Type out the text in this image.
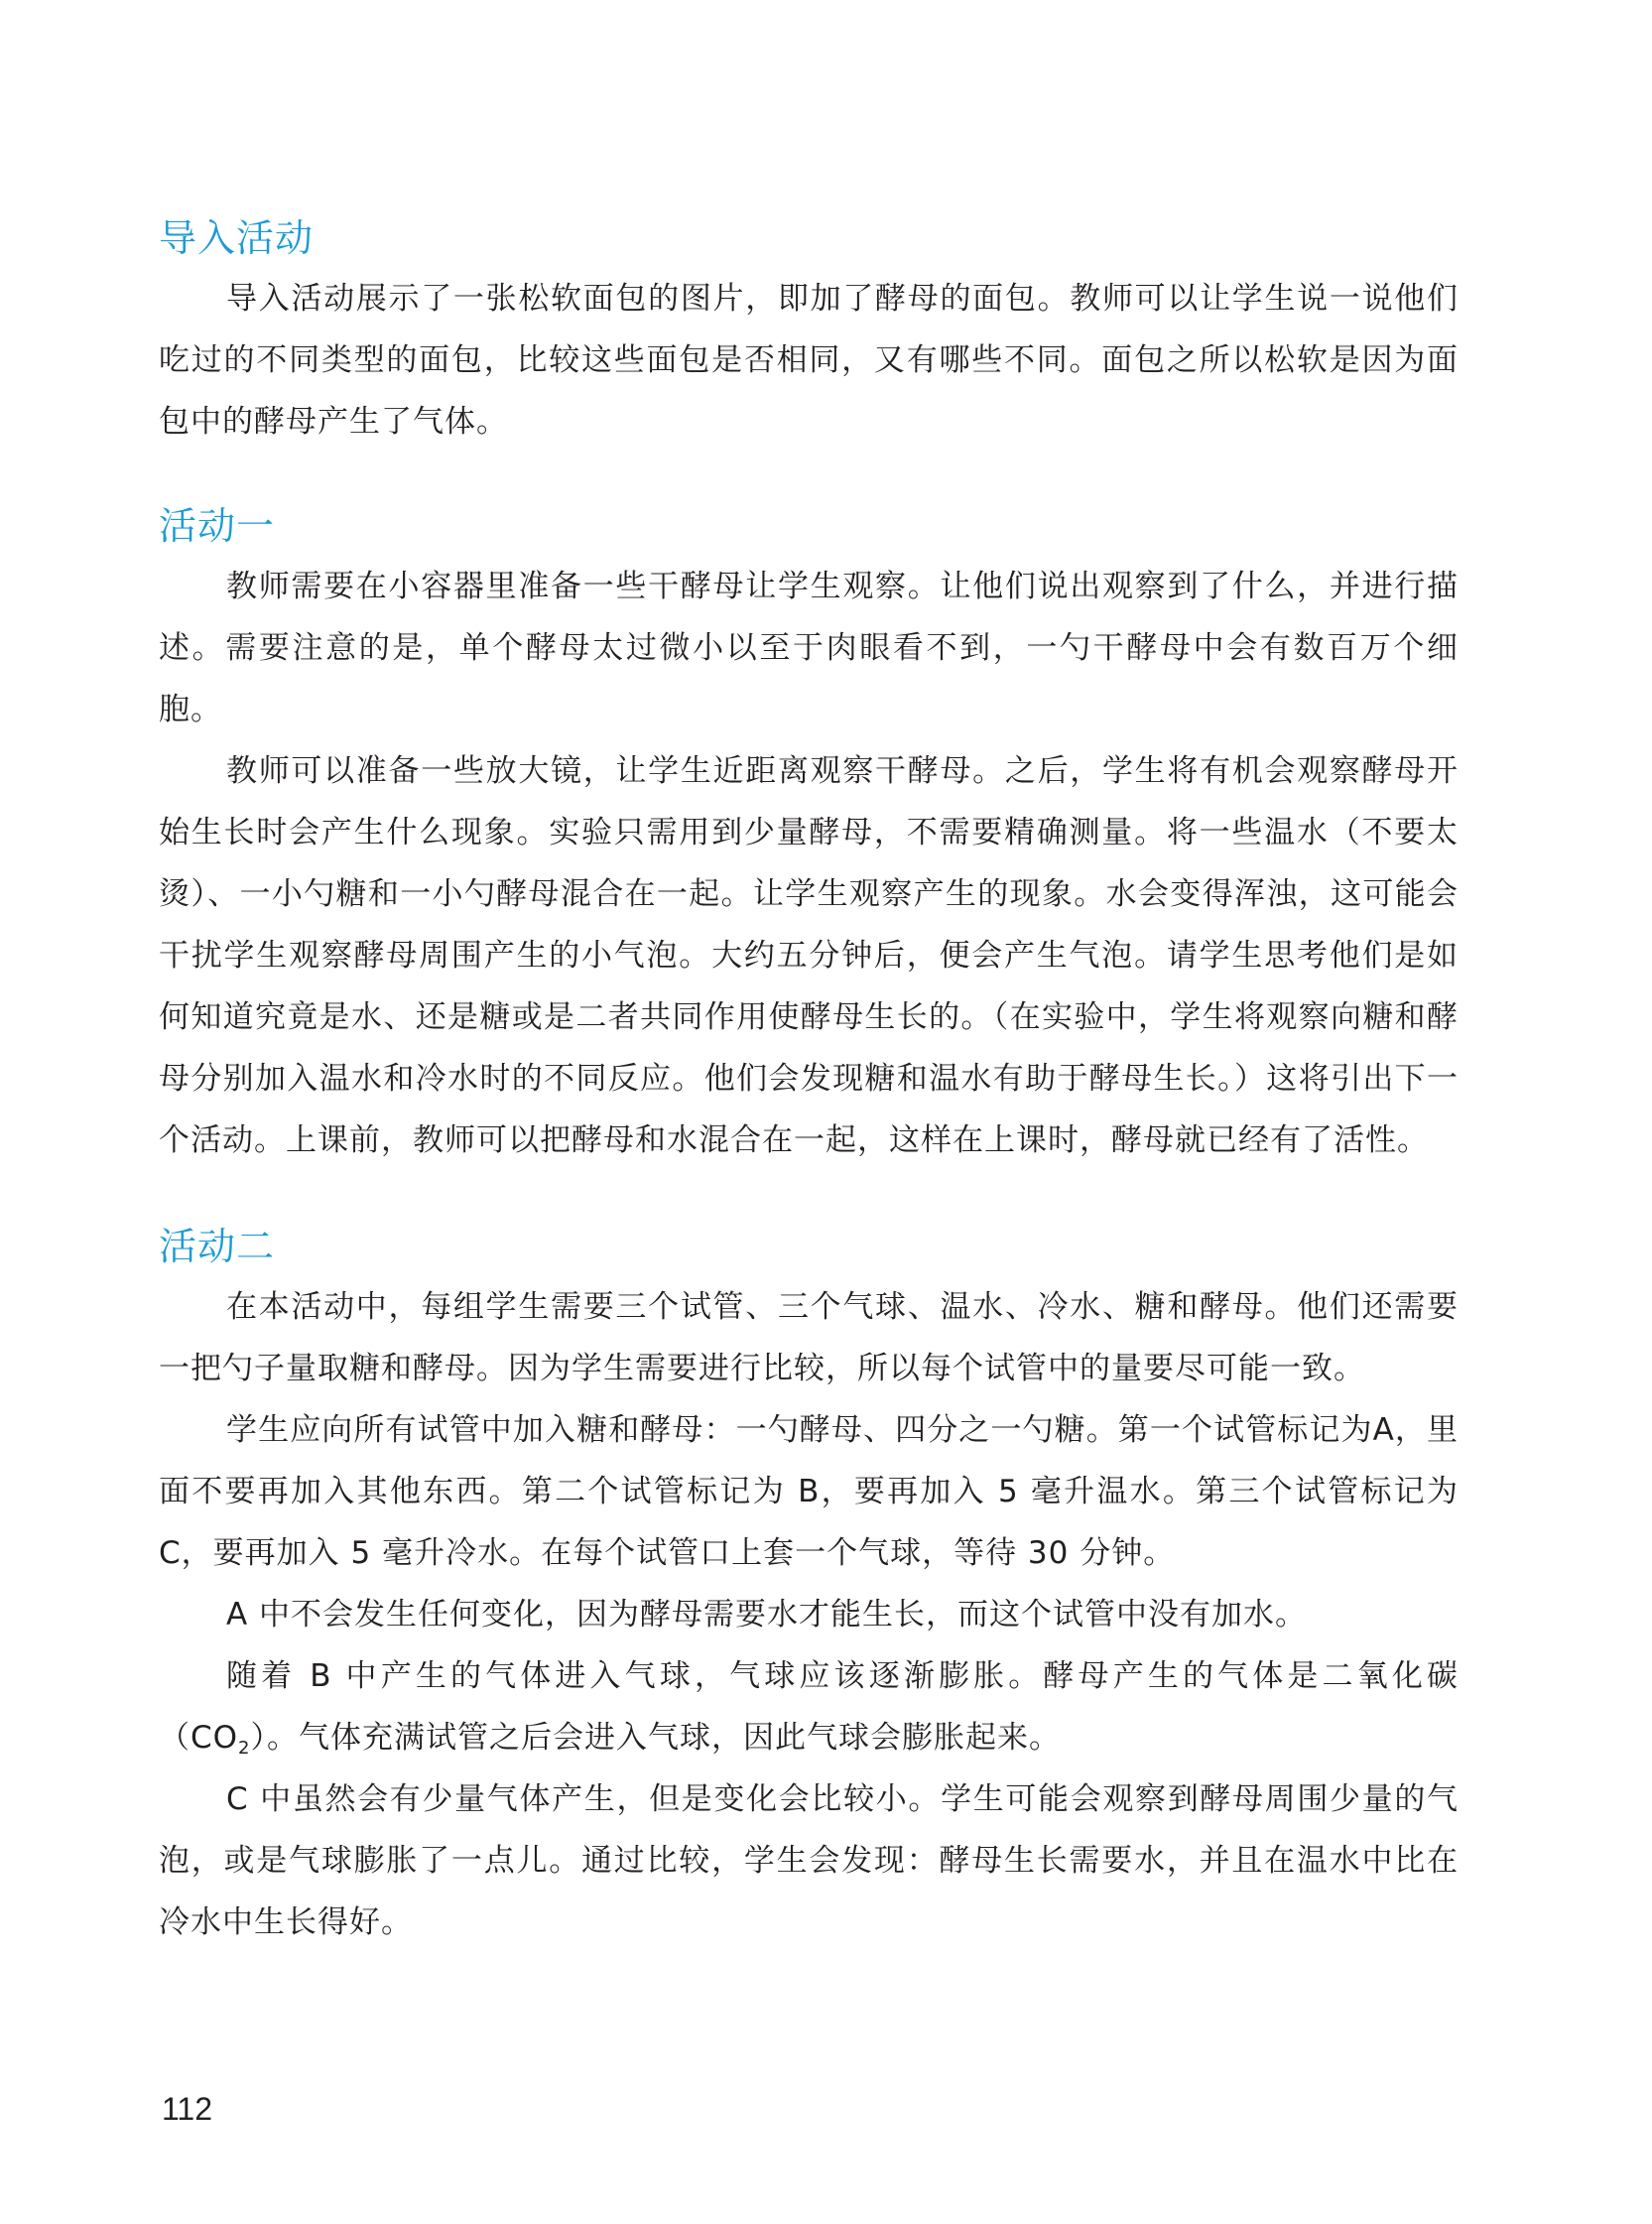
导入活动

导入活动展示了一张松软面包的图片，即加了酵母的面包。教师可以让学生说一说他们吃过的不同类型的面包，比较这些面包是否相同，又有哪些不同。面包之所以松软是因为面包中的酵母产生了气体。

活动一

教师需要在小容器里准备一些干酵母让学生观察。让他们说出观察到了什么，并进行描述。需要注意的是，单个酵母太过微小以至于肉眼看不到，一勺干酵母中会有数百万个细胞。

教师可以准备一些放大镜，让学生近距离观察干酵母。之后，学生将有机会观察酵母开始生长时会产生什么现象。实验只需用到少量酵母，不需要精确测量。将一些温水（不要太烫）、一小勺糖和一小勺酵母混合在一起。让学生观察产生的现象。水会变得浑浊，这可能会干扰学生观察酵母周围产生的小气泡。大约五分钟后，便会产生气泡。请学生思考他们是如何知道究竟是水、还是糖或是二者共同作用使酵母生长的。（在实验中，学生将观察向糖和酵母分别加入温水和冷水时的不同反应。他们会发现糖和温水有助于酵母生长。）这将引出下一个活动。上课前，教师可以把酵母和水混合在一起，这样在上课时，酵母就已经有了活性。

活动二

在本活动中，每组学生需要三个试管、三个气球、温水、冷水、糖和酵母。他们还需要一把勺子量取糖和酵母。因为学生需要进行比较，所以每个试管中的量要尽可能一致。

学生应向所有试管中加入糖和酵母：一勺酵母、四分之一勺糖。第一个试管标记为A，里面不要再加入其他东西。第二个试管标记为 B，要再加入 5 毫升温水。第三个试管标记为 C，要再加入 5 毫升冷水。在每个试管口上套一个气球，等待 30 分钟。

A 中不会发生任何变化，因为酵母需要水才能生长，而这个试管中没有加水。

随着 B 中产生的气体进入气球，气球应该逐渐膨胀。酵母产生的气体是二氧化碳$(CO_2)$。气体充满试管之后会进入气球，因此气球会膨胀起来。

C 中虽然会有少量气体产生，但是变化会比较小。学生可能会观察到酵母周围少量的气泡，或是气球膨胀了一点儿。通过比较，学生会发现：酵母生长需要水，并且在温水中比在冷水中生长得好。

112
